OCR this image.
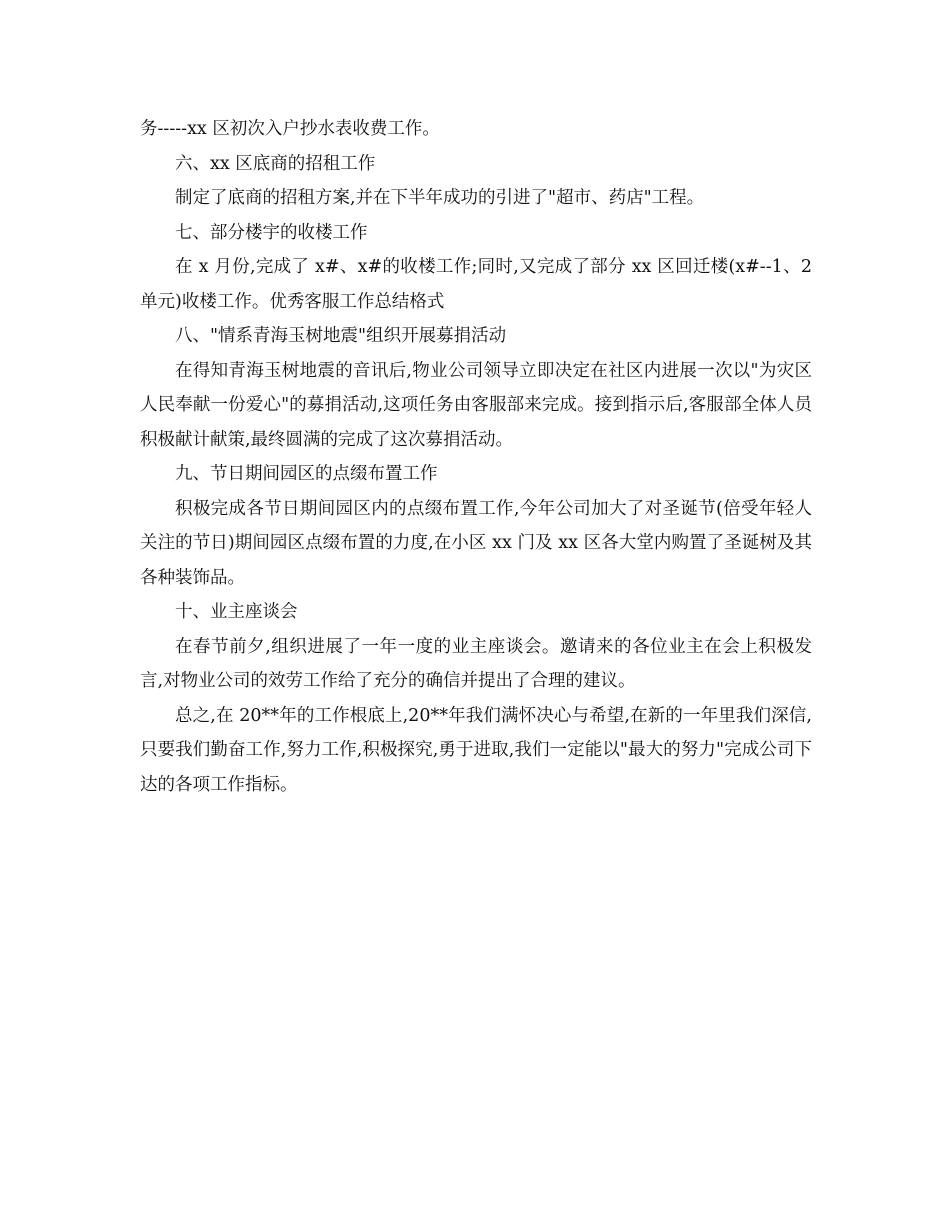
务-----xx 区初次入户抄水表收费工作。

六、xx 区底商的招租工作

制定了底商的招租方案,并在下半年成功的引进了"超市、药店"工程。

七、部分楼宇的收楼工作

在 x 月份,完成了 x#、x#的收楼工作;同时,又完成了部分 xx 区回迁楼(x#--1、2 单元)收楼工作。优秀客服工作总结格式

八、"情系青海玉树地震"组织开展募捐活动

在得知青海玉树地震的音讯后,物业公司领导立即决定在社区内进展一次以"为灾区人民奉献一份爱心"的募捐活动,这项任务由客服部来完成。接到指示后,客服部全体人员积极献计献策,最终圆满的完成了这次募捐活动。

九、节日期间园区的点缀布置工作

积极完成各节日期间园区内的点缀布置工作,今年公司加大了对圣诞节(倍受年轻人关注的节日)期间园区点缀布置的力度,在小区 xx 门及 xx 区各大堂内购置了圣诞树及其各种装饰品。

十、业主座谈会

在春节前夕,组织进展了一年一度的业主座谈会。邀请来的各位业主在会上积极发言,对物业公司的效劳工作给了充分的确信并提出了合理的建议。

总之,在 20**年的工作根底上,20**年我们满怀决心与希望,在新的一年里我们深信,只要我们勤奋工作,努力工作,积极探究,勇于进取,我们一定能以"最大的努力"完成公司下达的各项工作指标。
